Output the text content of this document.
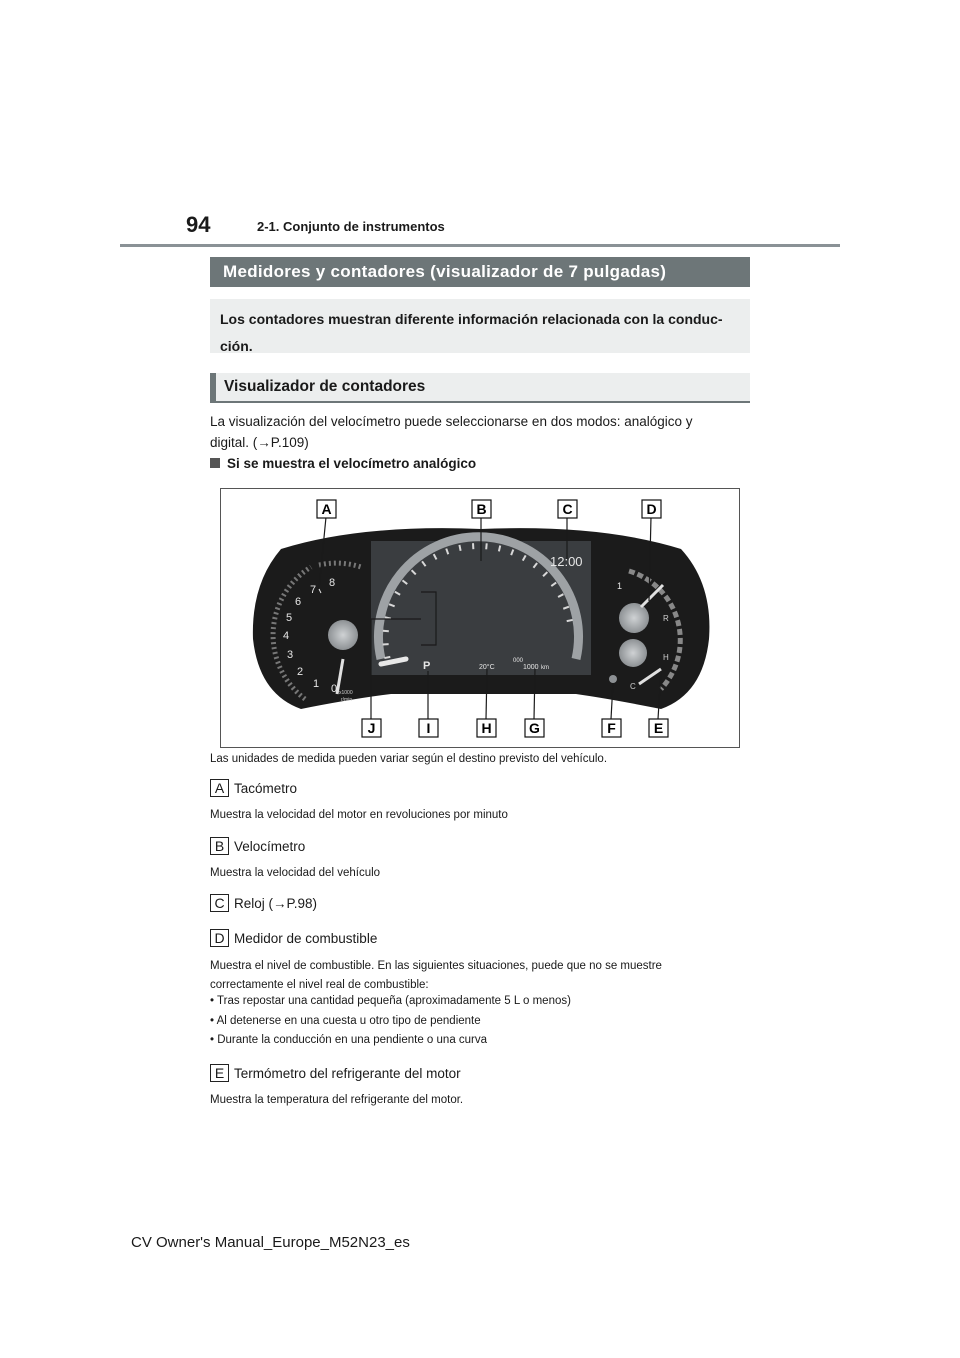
94	2-1. Conjunto de instrumentos
Medidores y contadores (visualizador de 7 pulgadas)
Los contadores muestran diferente información relacionada con la conduc-
ción.
Visualizador de contadores
La visualización del velocímetro puede seleccionarse en dos modos: analógico y
digital. (→P.109)
Si se muestra el velocímetro analógico
12:00
P	20°C
000
1000 km
0
1
2
3
4
5
6
7
8
x1000
r/min
1
R
H
C
A	B	C	D
J	I	H	G	F	E
Las unidades de medida pueden variar según el destino previsto del vehículo.
A Tacómetro
Muestra la velocidad del motor en revoluciones por minuto
B Velocímetro
Muestra la velocidad del vehículo
C Reloj (→P.98)
D Medidor de combustible
Muestra el nivel de combustible. En las siguientes situaciones, puede que no se muestre
correctamente el nivel real de combustible:
• Tras repostar una cantidad pequeña (aproximadamente 5 L o menos)
• Al detenerse en una cuesta u otro tipo de pendiente
• Durante la conducción en una pendiente o una curva
E Termómetro del refrigerante del motor
Muestra la temperatura del refrigerante del motor.
CV Owner's Manual_Europe_M52N23_es
